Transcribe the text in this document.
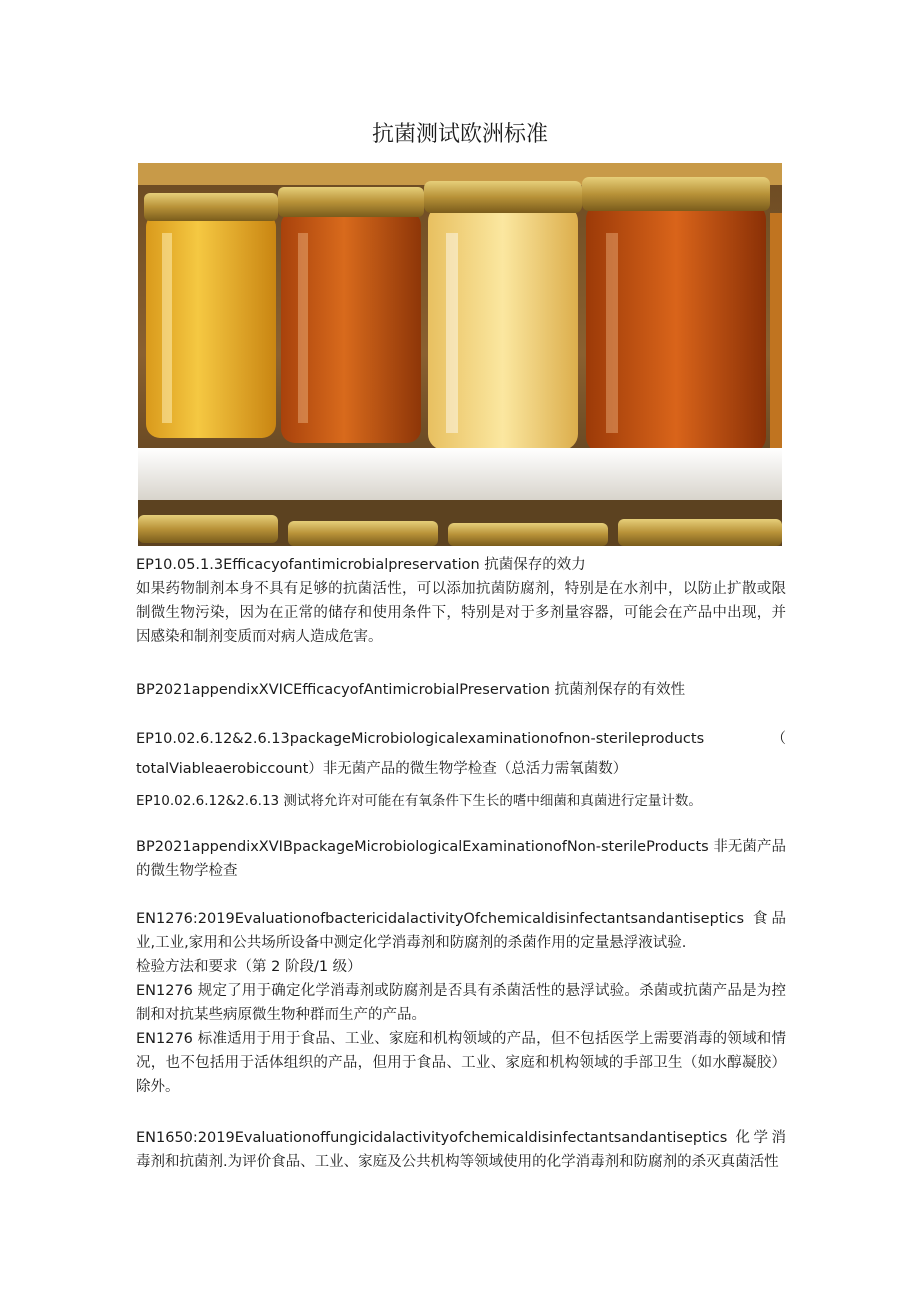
抗菌测试欧洲标准
EP10.05.1.3Efficacyofantimicrobialpreservation 抗菌保存的效力
如果药物制剂本身不具有足够的抗菌活性，可以添加抗菌防腐剂，特别是在水剂中，以防止扩散或限制微生物污染，因为在正常的储存和使用条件下，特别是对于多剂量容器，可能会在产品中出现，并因感染和制剂变质而对病人造成危害。
BP2021appendixXVICEfficacyofAntimicrobialPreservation 抗菌剂保存的有效性
EP10.02.6.12&2.6.13packageMicrobiologicalexaminationofnon-sterileproducts	（
totalViableaerobiccount）非无菌产品的微生物学检查（总活力需氧菌数）
EP10.02.6.12&2.6.13 测试将允许对可能在有氧条件下生长的嗜中细菌和真菌进行定量计数。
BP2021appendixXVIBpackageMicrobiologicalExaminationofNon-sterileProducts 非无菌产品的微生物学检查
EN1276:2019EvaluationofbactericidalactivityOfchemicaldisinfectantsandantiseptics 食品业,工业,家用和公共场所设备中测定化学消毒剂和防腐剂的杀菌作用的定量悬浮液试验.
检验方法和要求（第 2 阶段/1 级）
EN1276 规定了用于确定化学消毒剂或防腐剂是否具有杀菌活性的悬浮试验。杀菌或抗菌产品是为控制和对抗某些病原微生物种群而生产的产品。
EN1276 标准适用于用于食品、工业、家庭和机构领域的产品，但不包括医学上需要消毒的领域和情况，也不包括用于活体组织的产品，但用于食品、工业、家庭和机构领域的手部卫生（如水醇凝胶）除外。
EN1650:2019Evaluationoffungicidalactivityofchemicaldisinfectantsandantiseptics 化学消毒剂和抗菌剂.为评价食品、工业、家庭及公共机构等领域使用的化学消毒剂和防腐剂的杀灭真菌活性
